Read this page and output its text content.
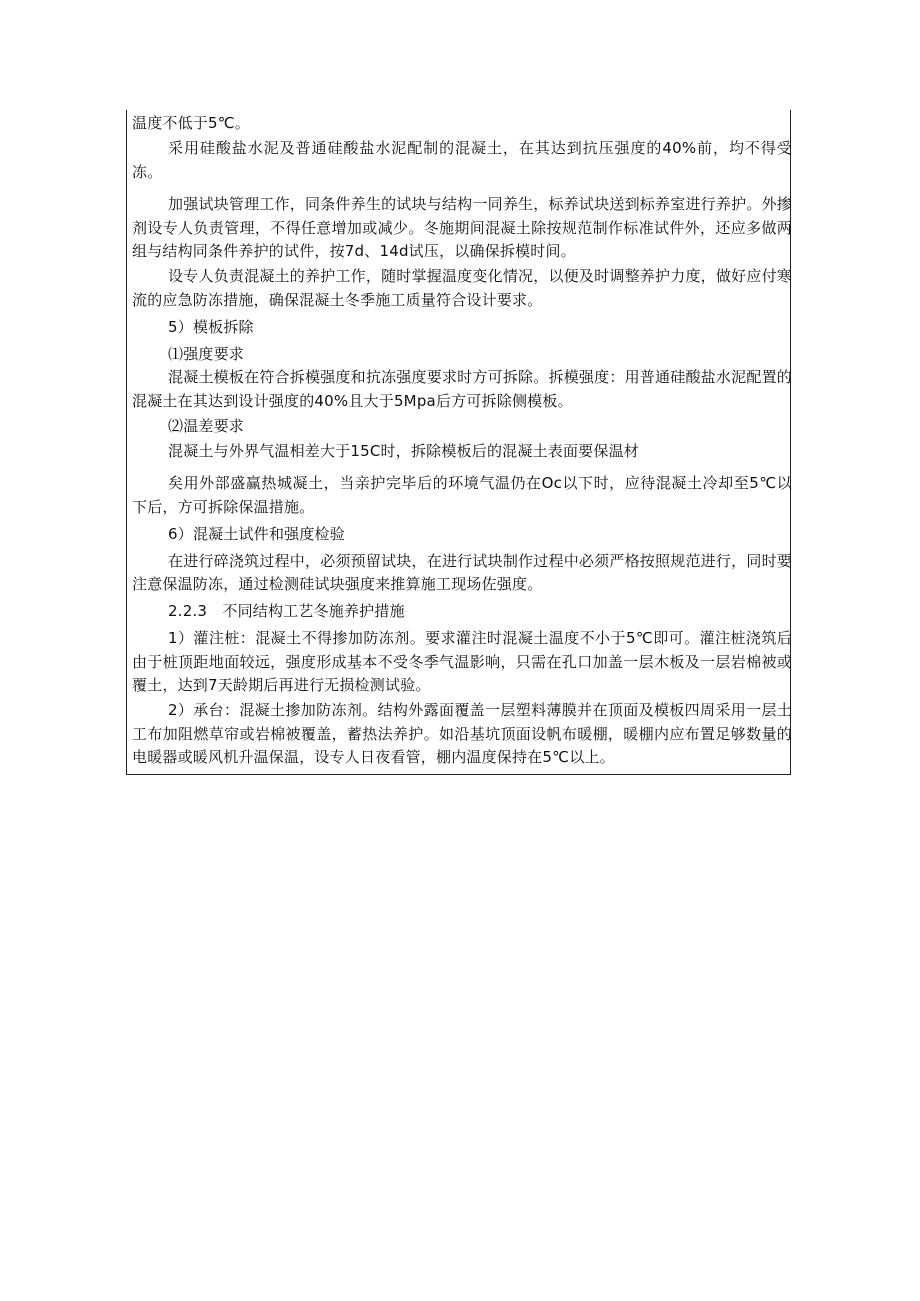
温度不低于5℃。

采用硅酸盐水泥及普通硅酸盐水泥配制的混凝土，在其达到抗压强度的40%前，均不得受冻。

加强试块管理工作，同条件养生的试块与结构一同养生，标养试块送到标养室进行养护。外掺剂设专人负责管理，不得任意增加或减少。冬施期间混凝土除按规范制作标准试件外，还应多做两组与结构同条件养护的试件，按7d、14d试压，以确保拆模时间。

设专人负责混凝土的养护工作，随时掌握温度变化情况，以便及时调整养护力度，做好应付寒流的应急防冻措施，确保混凝土冬季施工质量符合设计要求。

5）模板拆除

⑴强度要求

混凝土模板在符合拆模强度和抗冻强度要求时方可拆除。拆模强度：用普通硅酸盐水泥配置的混凝土在其达到设计强度的40%且大于5Mpa后方可拆除侧模板。

⑵温差要求

混凝土与外界气温相差大于15C时，拆除模板后的混凝土表面要保温材

矣用外部盛赢热城凝土，当亲护完毕后的环境气温仍在Oc以下时，应待混凝土冷却至5℃以下后，方可拆除保温措施。

6）混凝土试件和强度检验

在进行碎浇筑过程中，必须预留试块，在进行试块制作过程中必须严格按照规范进行，同时要注意保温防冻，通过检测硅试块强度来推算施工现场佐强度。

2.2.3　不同结构工艺冬施养护措施

1）灌注桩：混凝土不得掺加防冻剂。要求灌注时混凝土温度不小于5℃即可。灌注桩浇筑后由于桩顶距地面较远，强度形成基本不受冬季气温影响，只需在孔口加盖一层木板及一层岩棉被或覆土，达到7天龄期后再进行无损检测试验。

2）承台：混凝土掺加防冻剂。结构外露面覆盖一层塑料薄膜并在顶面及模板四周采用一层土工布加阻燃草帘或岩棉被覆盖，蓄热法养护。如沿基坑顶面设帆布暖棚，暖棚内应布置足够数量的电暖器或暖风机升温保温，设专人日夜看管，棚内温度保持在5℃以上。
